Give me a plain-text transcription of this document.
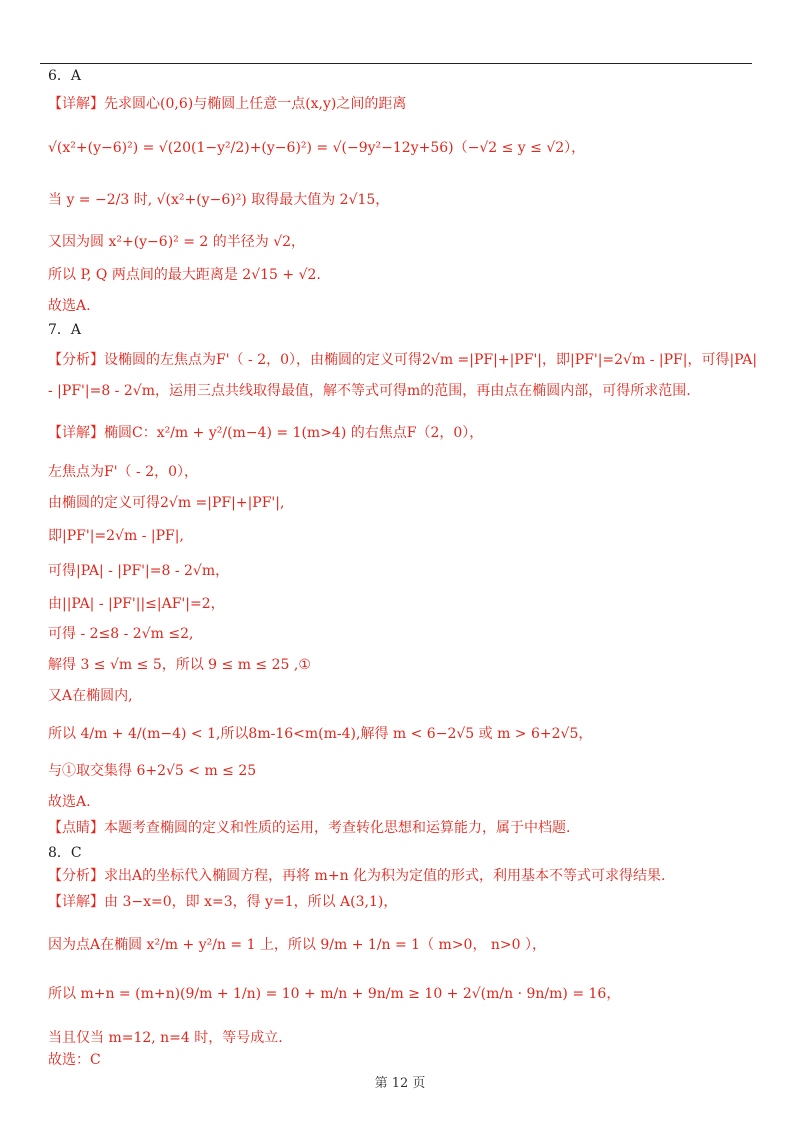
6．A
【详解】先求圆心(0,6)与椭圆上任意一点(x,y)之间的距离
√(x²+(y−6)²) = √(20(1−y²/2)+(y−6)²) = √(−9y²−12y+56)（−√2 ≤ y ≤ √2），
当 y = −2/3 时, √(x²+(y−6)²) 取得最大值为 2√15，
又因为圆 x²+(y−6)² = 2 的半径为 √2，
所以 P, Q 两点间的最大距离是 2√15 + √2.
故选A.
7．A
【分析】设椭圆的左焦点为F'（ - 2，0），由椭圆的定义可得2√m =|PF|+|PF'|，即|PF'|=2√m - |PF|，可得|PA|
- |PF'|=8 - 2√m，运用三点共线取得最值，解不等式可得m的范围，再由点在椭圆内部，可得所求范围.
【详解】椭圆C：x²/m + y²/(m−4) = 1(m>4) 的右焦点F（2，0），
左焦点为F'（ - 2，0），
由椭圆的定义可得2√m =|PF|+|PF'|,
即|PF'|=2√m - |PF|,
可得|PA| - |PF'|=8 - 2√m，
由||PA| - |PF'||≤|AF'|=2，
可得 - 2≤8 - 2√m ≤2,
解得 3 ≤ √m ≤ 5，所以 9 ≤ m ≤ 25 ,①
又A在椭圆内,
所以 4/m + 4/(m−4) < 1,所以8m-16<m(m-4),解得 m < 6−2√5 或 m > 6+2√5，
与①取交集得 6+2√5 < m ≤ 25
故选A.
【点睛】本题考查椭圆的定义和性质的运用，考查转化思想和运算能力，属于中档题.
8．C
【分析】求出A的坐标代入椭圆方程，再将 m+n 化为积为定值的形式，利用基本不等式可求得结果.
【详解】由 3−x=0，即 x=3，得 y=1，所以 A(3,1)，
因为点A在椭圆 x²/m + y²/n = 1 上，所以 9/m + 1/n = 1（ m>0， n>0 ），
所以 m+n = (m+n)(9/m + 1/n) = 10 + m/n + 9n/m ≥ 10 + 2√(m/n · 9n/m) = 16，
当且仅当 m=12, n=4 时，等号成立.
故选：C
第 12 页
